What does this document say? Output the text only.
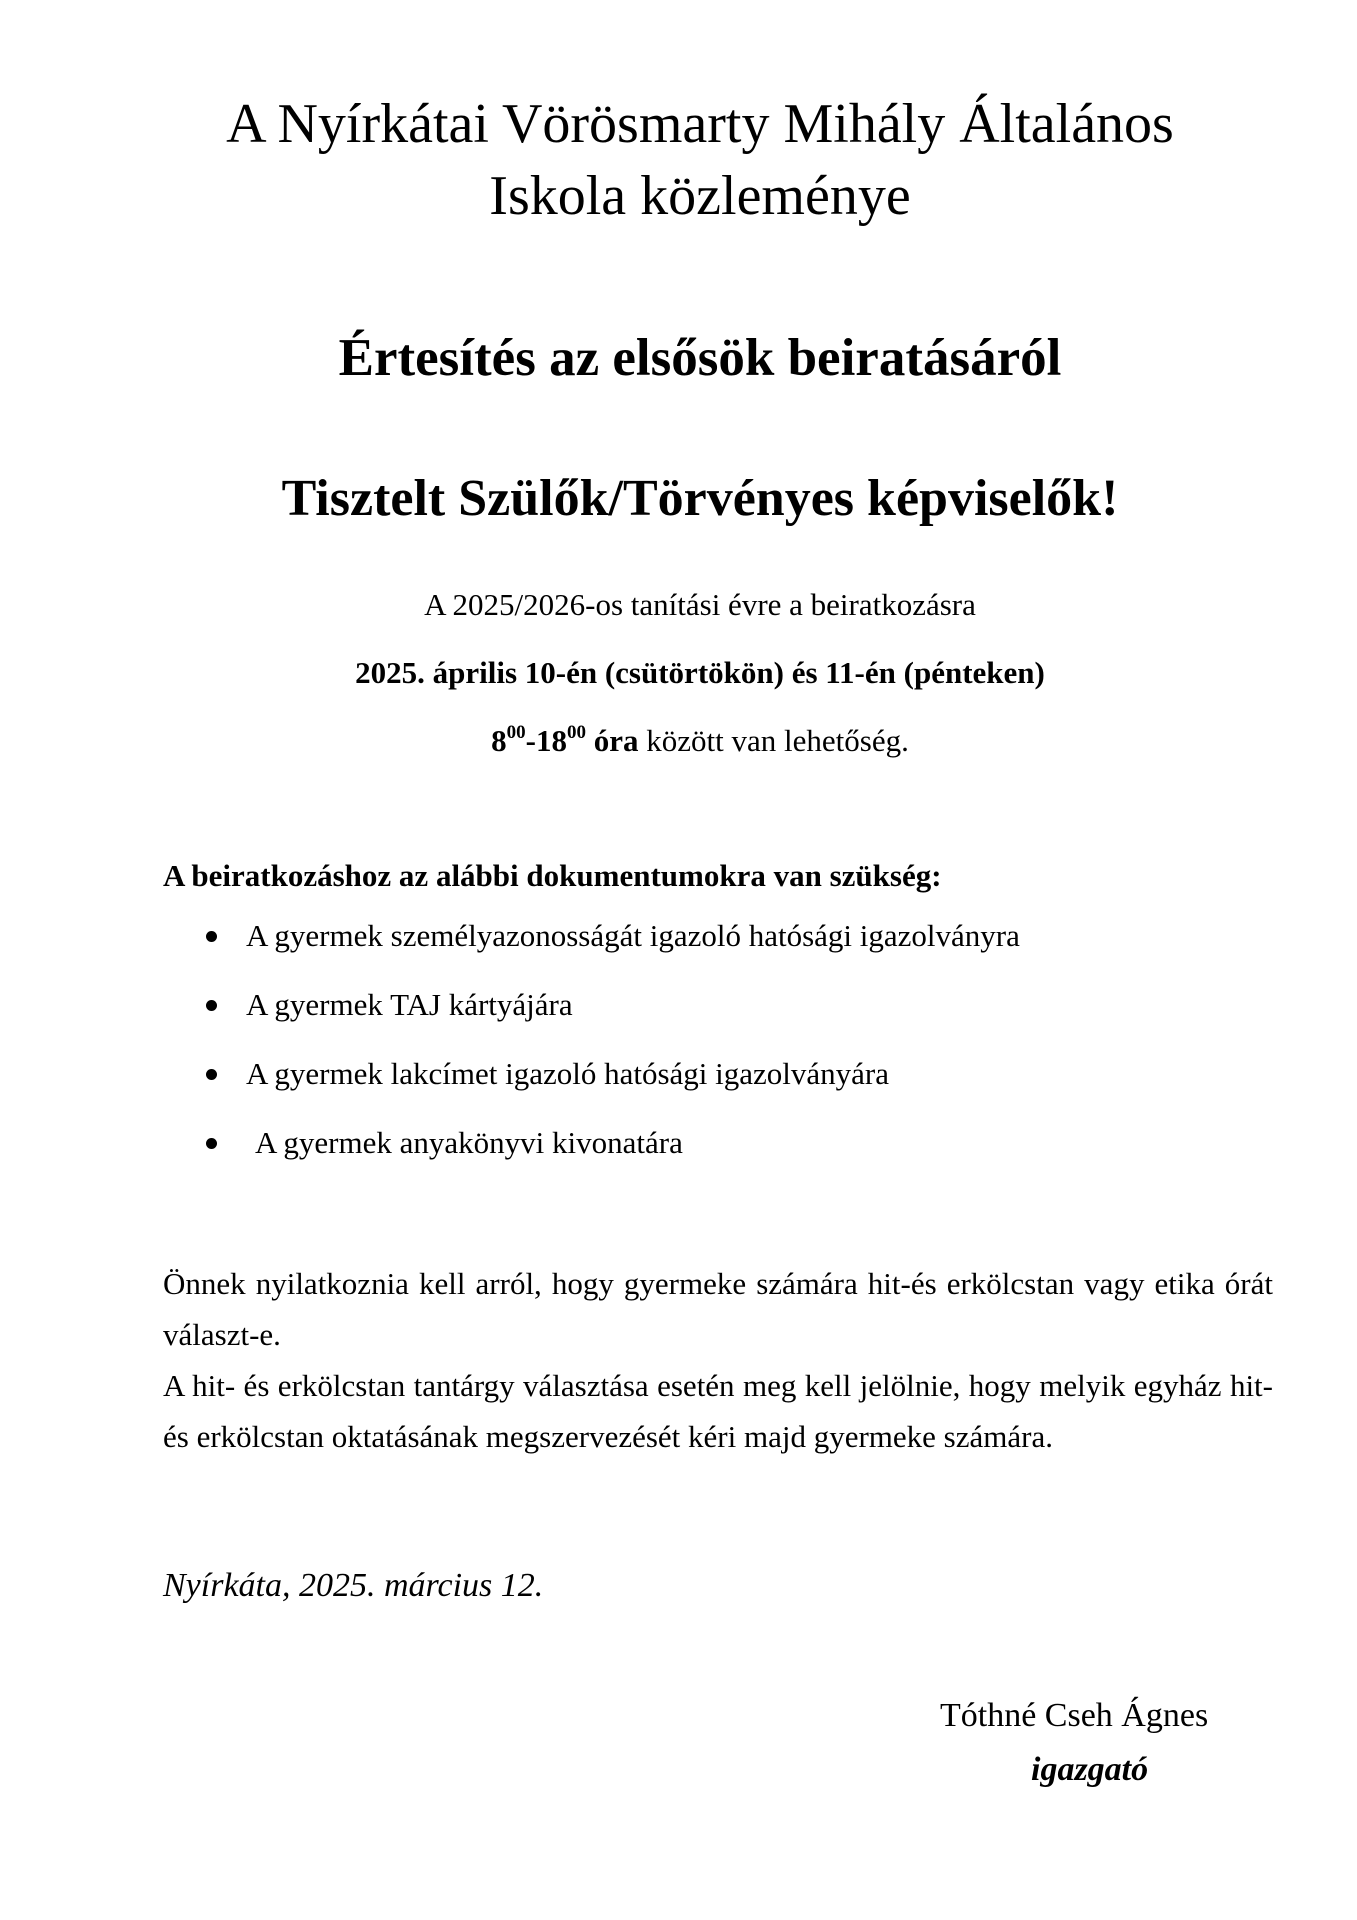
A Nyírkátai Vörösmarty Mihály Általános
Iskola közleménye
Értesítés az elsősök beiratásáról
Tisztelt Szülők/Törvényes képviselők!
A 2025/2026-os tanítási évre a beiratkozásra
2025. április 10-én (csütörtökön) és 11-én (pénteken)
$8^{00}-18^{00}$ óra között van lehetőség.
A beiratkozáshoz az alábbi dokumentumokra van szükség:
A gyermek személyazonosságát igazoló hatósági igazolványra
A gyermek TAJ kártyájára
A gyermek lakcímet igazoló hatósági igazolványára
A gyermek anyakönyvi kivonatára
Önnek nyilatkoznia kell arról, hogy gyermeke számára hit-és erkölcstan vagy etika órát választ-e.
A hit- és erkölcstan tantárgy választása esetén meg kell jelölnie, hogy melyik egyház hit- és erkölcstan oktatásának megszervezését kéri majd gyermeke számára.
Nyírkáta, 2025. március 12.
Tóthné Cseh Ágnes
igazgató
